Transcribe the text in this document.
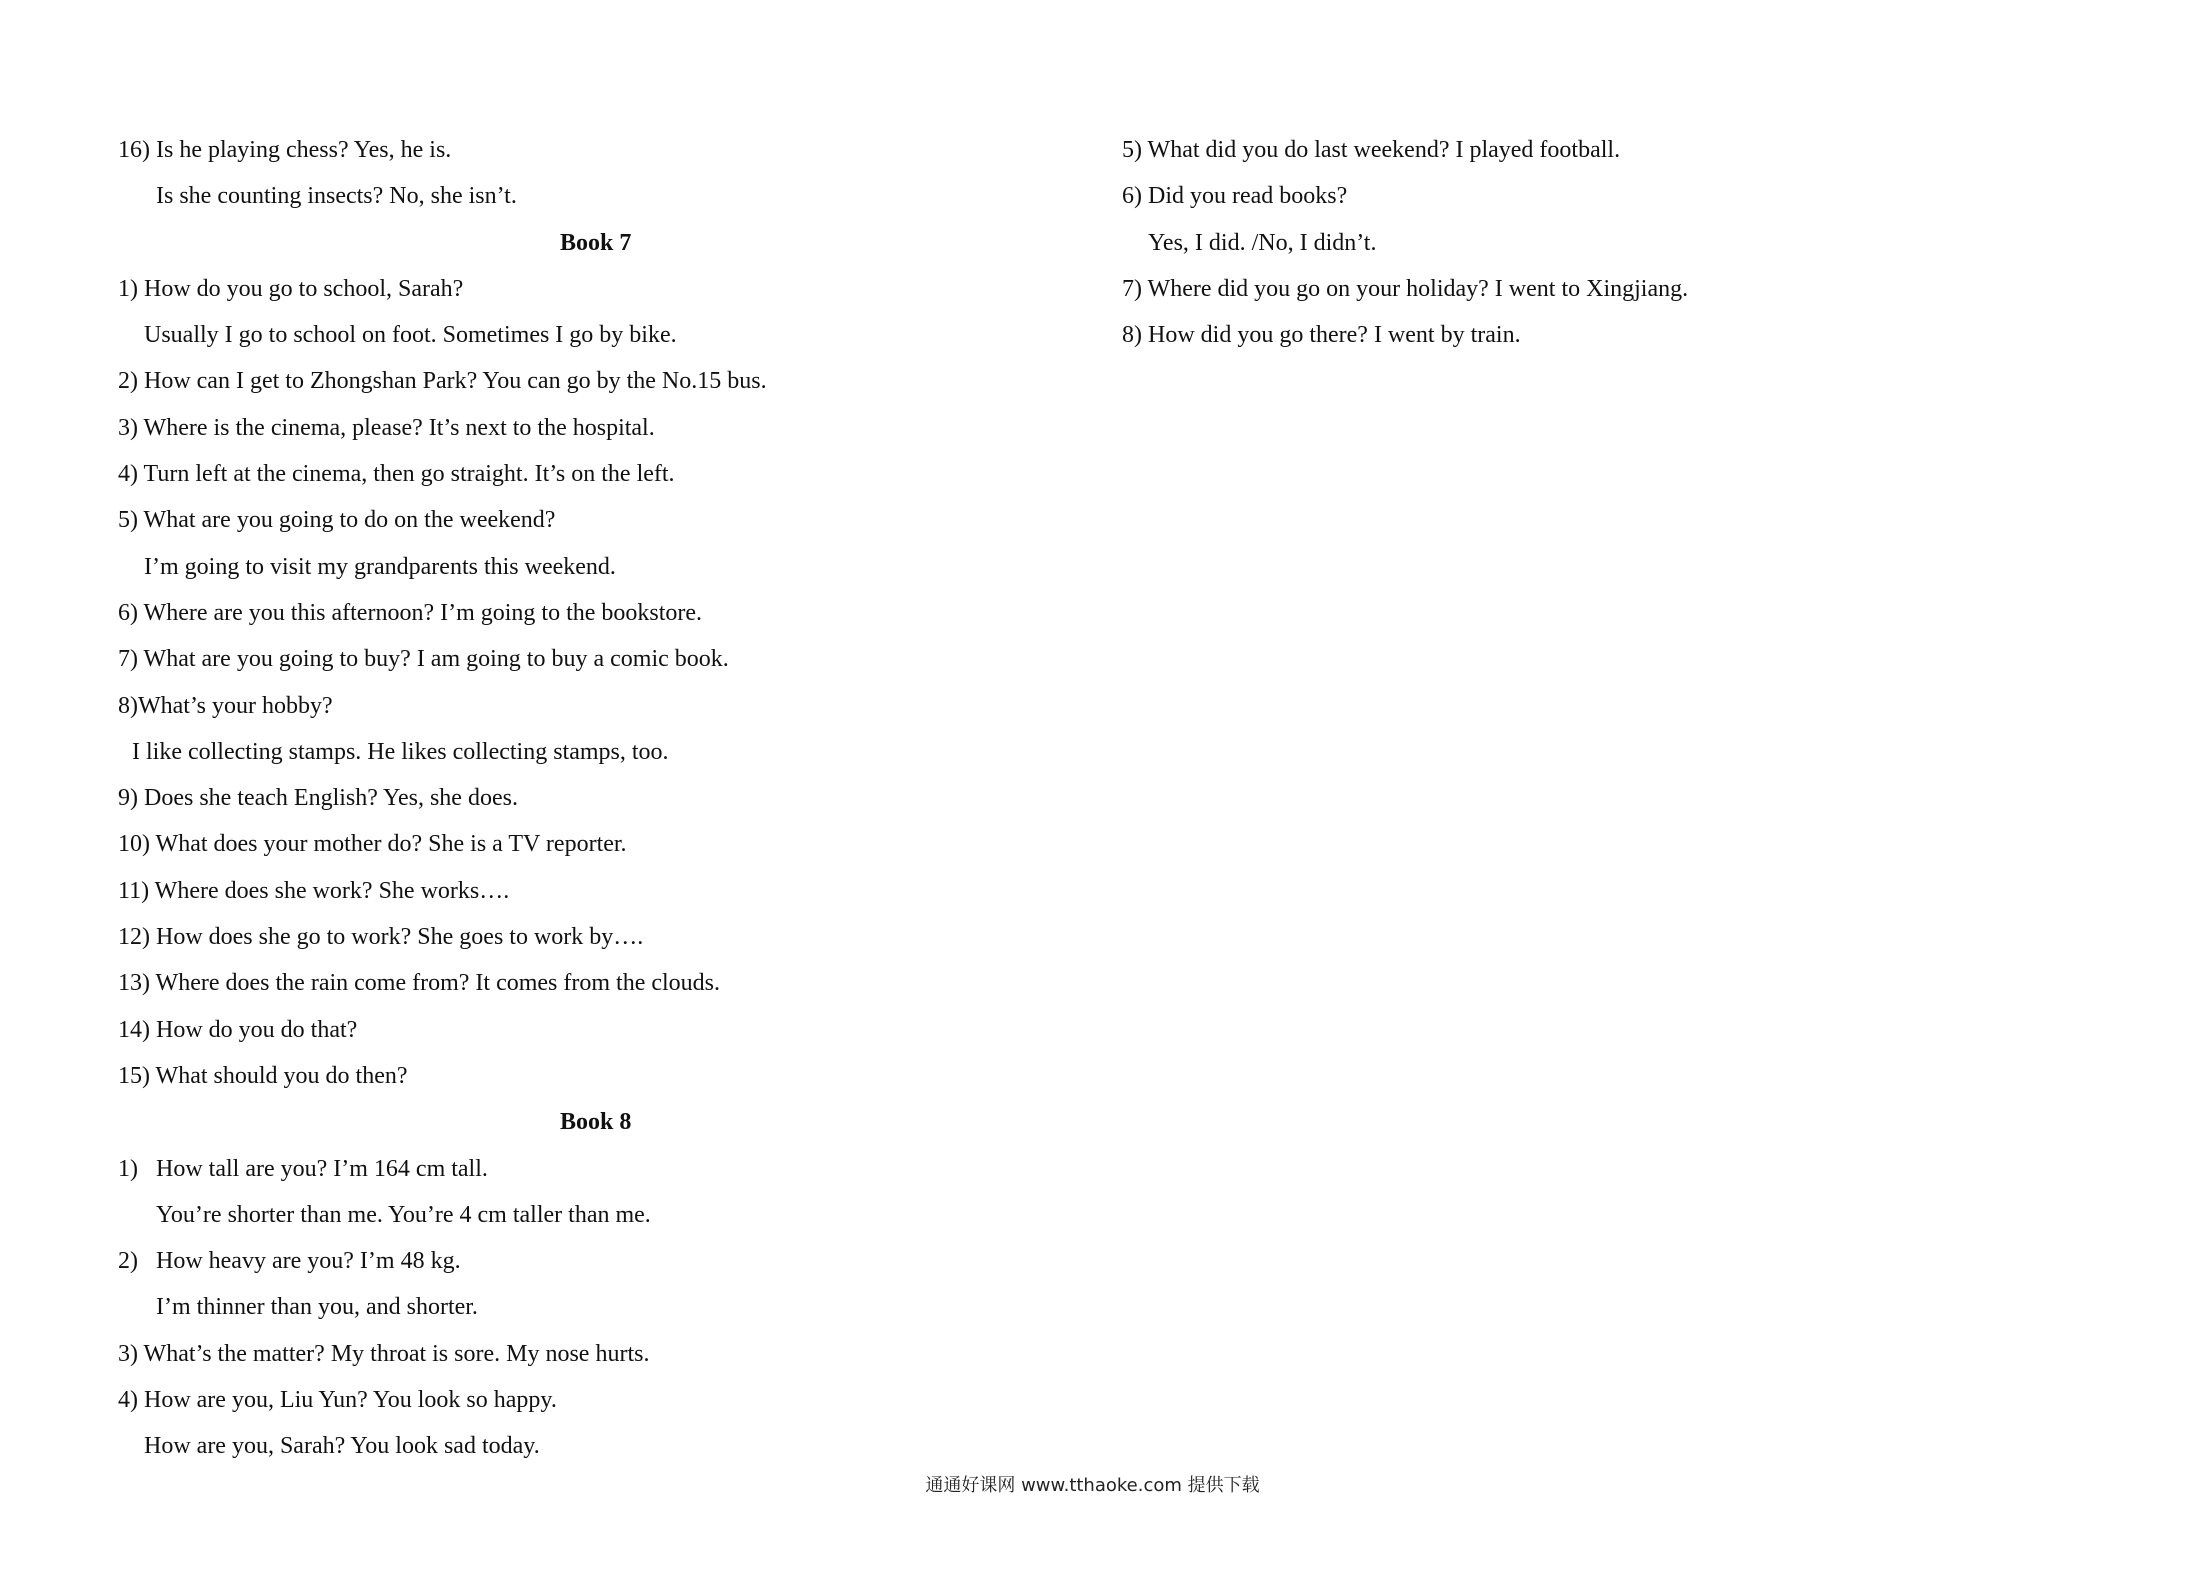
16) Is he playing chess? Yes, he is.

Is she counting insects? No, she isn’t.

Book 7

1) How do you go to school, Sarah?

Usually I go to school on foot. Sometimes I go by bike.

2) How can I get to Zhongshan Park? You can go by the No.15 bus.

3) Where is the cinema, please? It’s next to the hospital.

4) Turn left at the cinema, then go straight. It’s on the left.

5) What are you going to do on the weekend?

I’m going to visit my grandparents this weekend.

6) Where are you this afternoon? I’m going to the bookstore.

7) What are you going to buy? I am going to buy a comic book.

8)What’s your hobby?

I like collecting stamps. He likes collecting stamps, too.

9) Does she teach English? Yes, she does.

10) What does your mother do? She is a TV reporter.

11) Where does she work? She works….

12) How does she go to work? She goes to work by….

13) Where does the rain come from? It comes from the clouds.

14) How do you do that?

15) What should you do then?

Book 8

1)   How tall are you? I’m 164 cm tall.

You’re shorter than me. You’re 4 cm taller than me.

2)   How heavy are you? I’m 48 kg.

I’m thinner than you, and shorter.

3) What’s the matter? My throat is sore. My nose hurts.

4) How are you, Liu Yun? You look so happy.

How are you, Sarah? You look sad today.

5) What did you do last weekend? I played football.

6) Did you read books?

Yes, I did. /No, I didn’t.

7) Where did you go on your holiday? I went to Xingjiang.

8) How did you go there? I went by train.

通通好课网 www.tthaoke.com 提供下载
